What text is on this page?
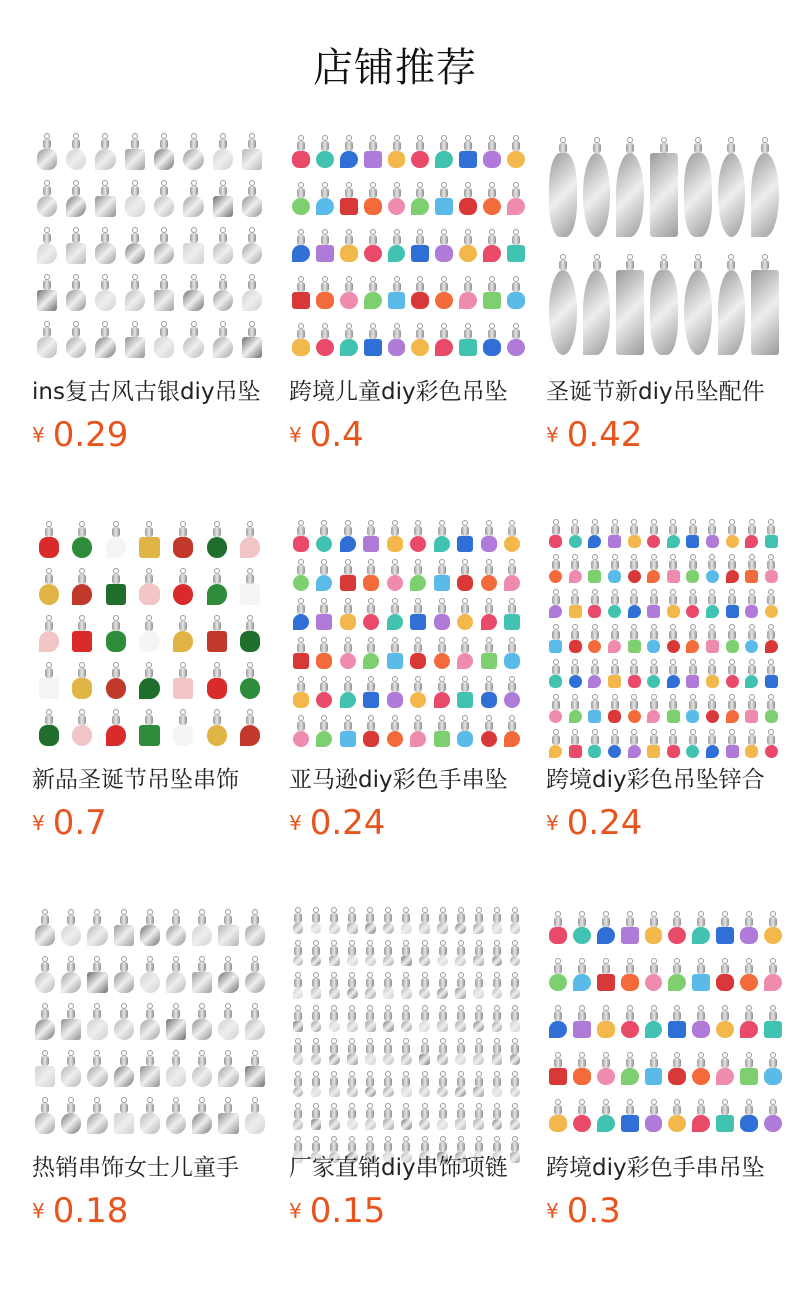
店铺推荐
ins复古风古银diy吊坠
¥ 0.29
跨境儿童diy彩色吊坠
¥ 0.4
圣诞节新diy吊坠配件
¥ 0.42
新品圣诞节吊坠串饰
¥ 0.7
亚马逊diy彩色手串坠
¥ 0.24
跨境diy彩色吊坠锌合
¥ 0.24
热销串饰女士儿童手
¥ 0.18
厂家直销diy串饰项链
¥ 0.15
跨境diy彩色手串吊坠
¥ 0.3
